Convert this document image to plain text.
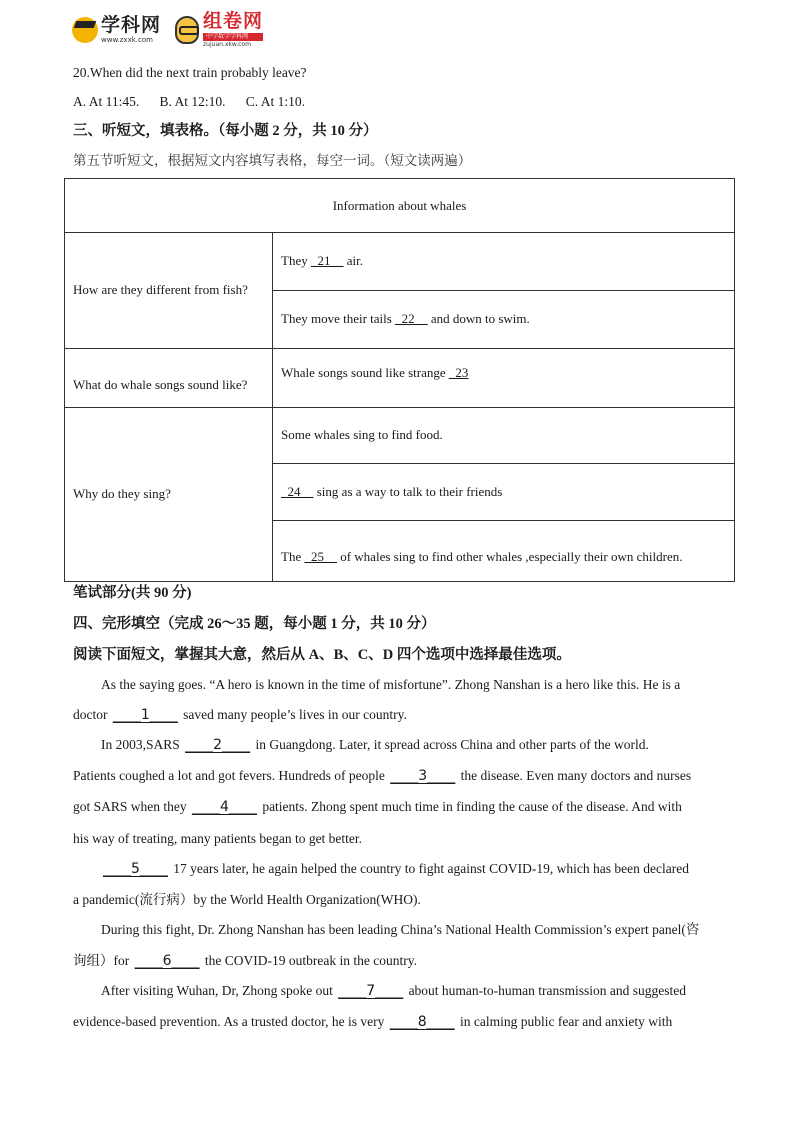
学科网
www.zxxk.com
组卷网
中学数学学科网
zujuan.xkw.com
20.When did the next train probably leave?
A. At 11:45.      B. At 12:10.      C. At 1:10.
三、听短文，填表格。（每小题 2 分，共 10 分）
第五节听短文，根据短文内容填写表格，每空一词。（短文读两遍）
Information about whales
How are they different from fish?
What do whale songs sound like?
Why do they sing?
They _21__ air.
They move their tails _22__ and down to swim.
Whale songs sound like strange _23
Some whales sing to find food.
_24__ sing as a way to talk to their friends
The _25__ of whales sing to find other whales ,especially their own children.
笔试部分(共 90 分)
四、完形填空（完成 26～35 题，每小题 1 分，共 10 分）
阅读下面短文，掌握其大意，然后从 A、B、C、D 四个选项中选择最佳选项。
As the saying goes. “A hero is known in the time of misfortune”. Zhong Nanshan is a hero like this. He is a
doctor ____1____ saved many people’s lives in our country.
In 2003,SARS ____2____ in Guangdong. Later, it spread across China and other parts of the world.
Patients coughed a lot and got fevers. Hundreds of people ____3____ the disease. Even many doctors and nurses
got SARS when they ____4____ patients. Zhong spent much time in finding the cause of the disease. And with
his way of treating, many patients began to get better.
____5____ 17 years later, he again helped the country to fight against COVID-19, which has been declared
a pandemic(流行病）by the World Health Organization(WHO).
During this fight, Dr. Zhong Nanshan has been leading China’s National Health Commission’s expert panel(咨
询组）for ____6____ the COVID-19 outbreak in the country.
After visiting Wuhan, Dr, Zhong spoke out ____7____ about human-to-human transmission and suggested
evidence-based prevention. As a trusted doctor, he is very ____8____ in calming public fear and anxiety with
